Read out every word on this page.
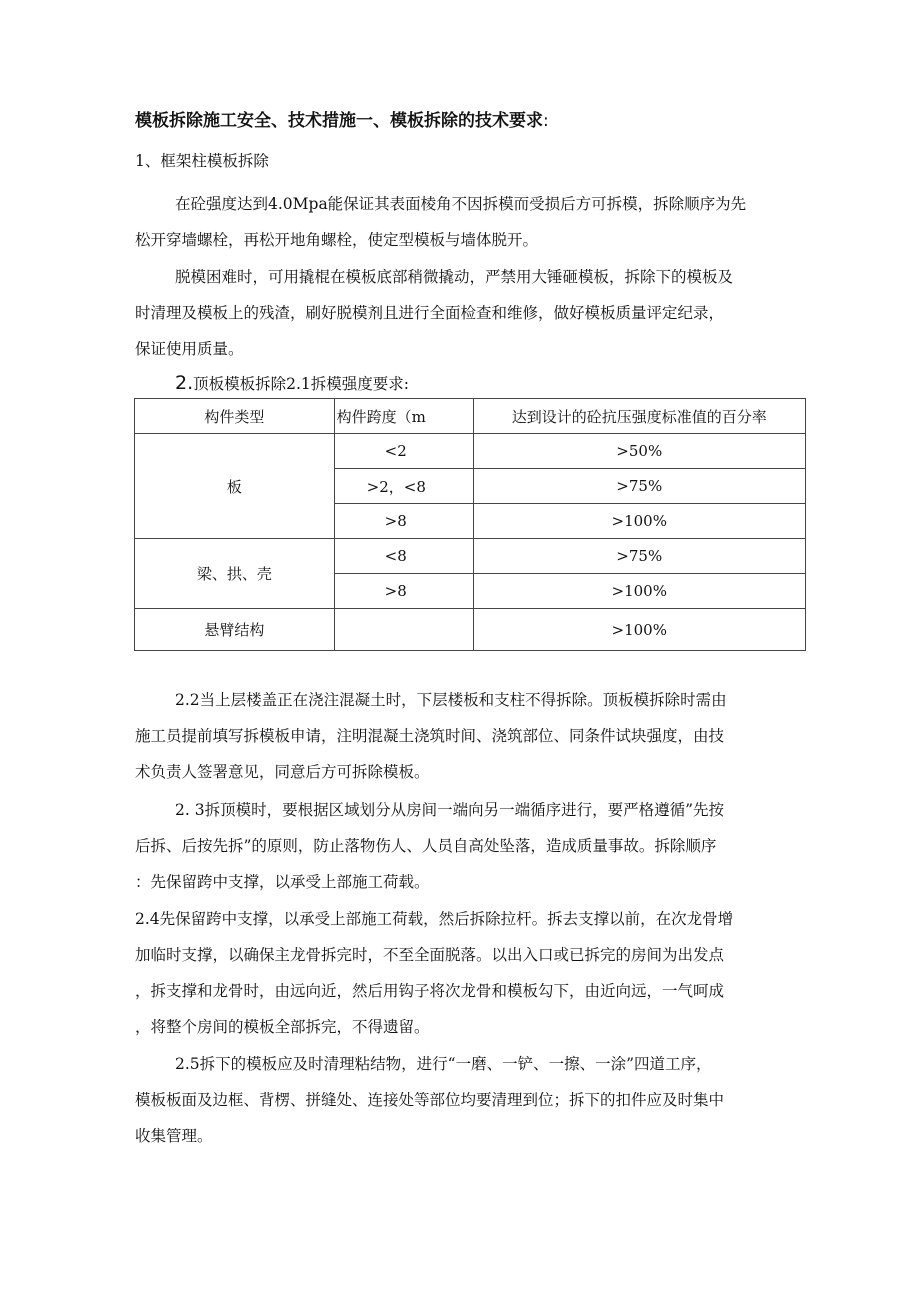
模板拆除施工安全、技术措施一、模板拆除的技术要求:
1、框架柱模板拆除
在砼强度达到4.0Mpa能保证其表面棱角不因拆模而受损后方可拆模，拆除顺序为先
松开穿墙螺栓，再松开地角螺栓，使定型模板与墙体脱开。
脱模困难时，可用撬棍在模板底部稍微撬动，严禁用大锤砸模板，拆除下的模板及
时清理及模板上的残渣，刷好脱模剂且进行全面检查和维修，做好模板质量评定纪录，
保证使用质量。
2.顶板模板拆除2.1拆模强度要求:
构件类型	构件跨度（m	达到设计的砼抗压强度标准值的百分率
板	<2	>50%
	>2，<8	>75%
	>8	>100%
梁、拱、壳	<8	>75%
	>8	>100%
悬臂结构		>100%
2.2当上层楼盖正在浇注混凝土时，下层楼板和支柱不得拆除。顶板模拆除时需由
施工员提前填写拆模板申请，注明混凝土浇筑时间、浇筑部位、同条件试块强度，由技
术负责人签署意见，同意后方可拆除模板。
2. 3拆顶模时，要根据区域划分从房间一端向另一端循序进行，要严格遵循”先按
后拆、后按先拆”的原则，防止落物伤人、人员自高处坠落，造成质量事故。拆除顺序
：先保留跨中支撑，以承受上部施工荷载。
2.4先保留跨中支撑，以承受上部施工荷载，然后拆除拉杆。拆去支撑以前，在次龙骨增
加临时支撑，以确保主龙骨拆完时，不至全面脱落。以出入口或已拆完的房间为出发点
，拆支撑和龙骨时，由远向近，然后用钩子将次龙骨和模板勾下，由近向远，一气呵成
，将整个房间的模板全部拆完，不得遗留。
2.5拆下的模板应及时清理粘结物，进行“一磨、一铲、一擦、一涂”四道工序，
模板板面及边框、背楞、拼缝处、连接处等部位均要清理到位；拆下的扣件应及时集中
收集管理。
